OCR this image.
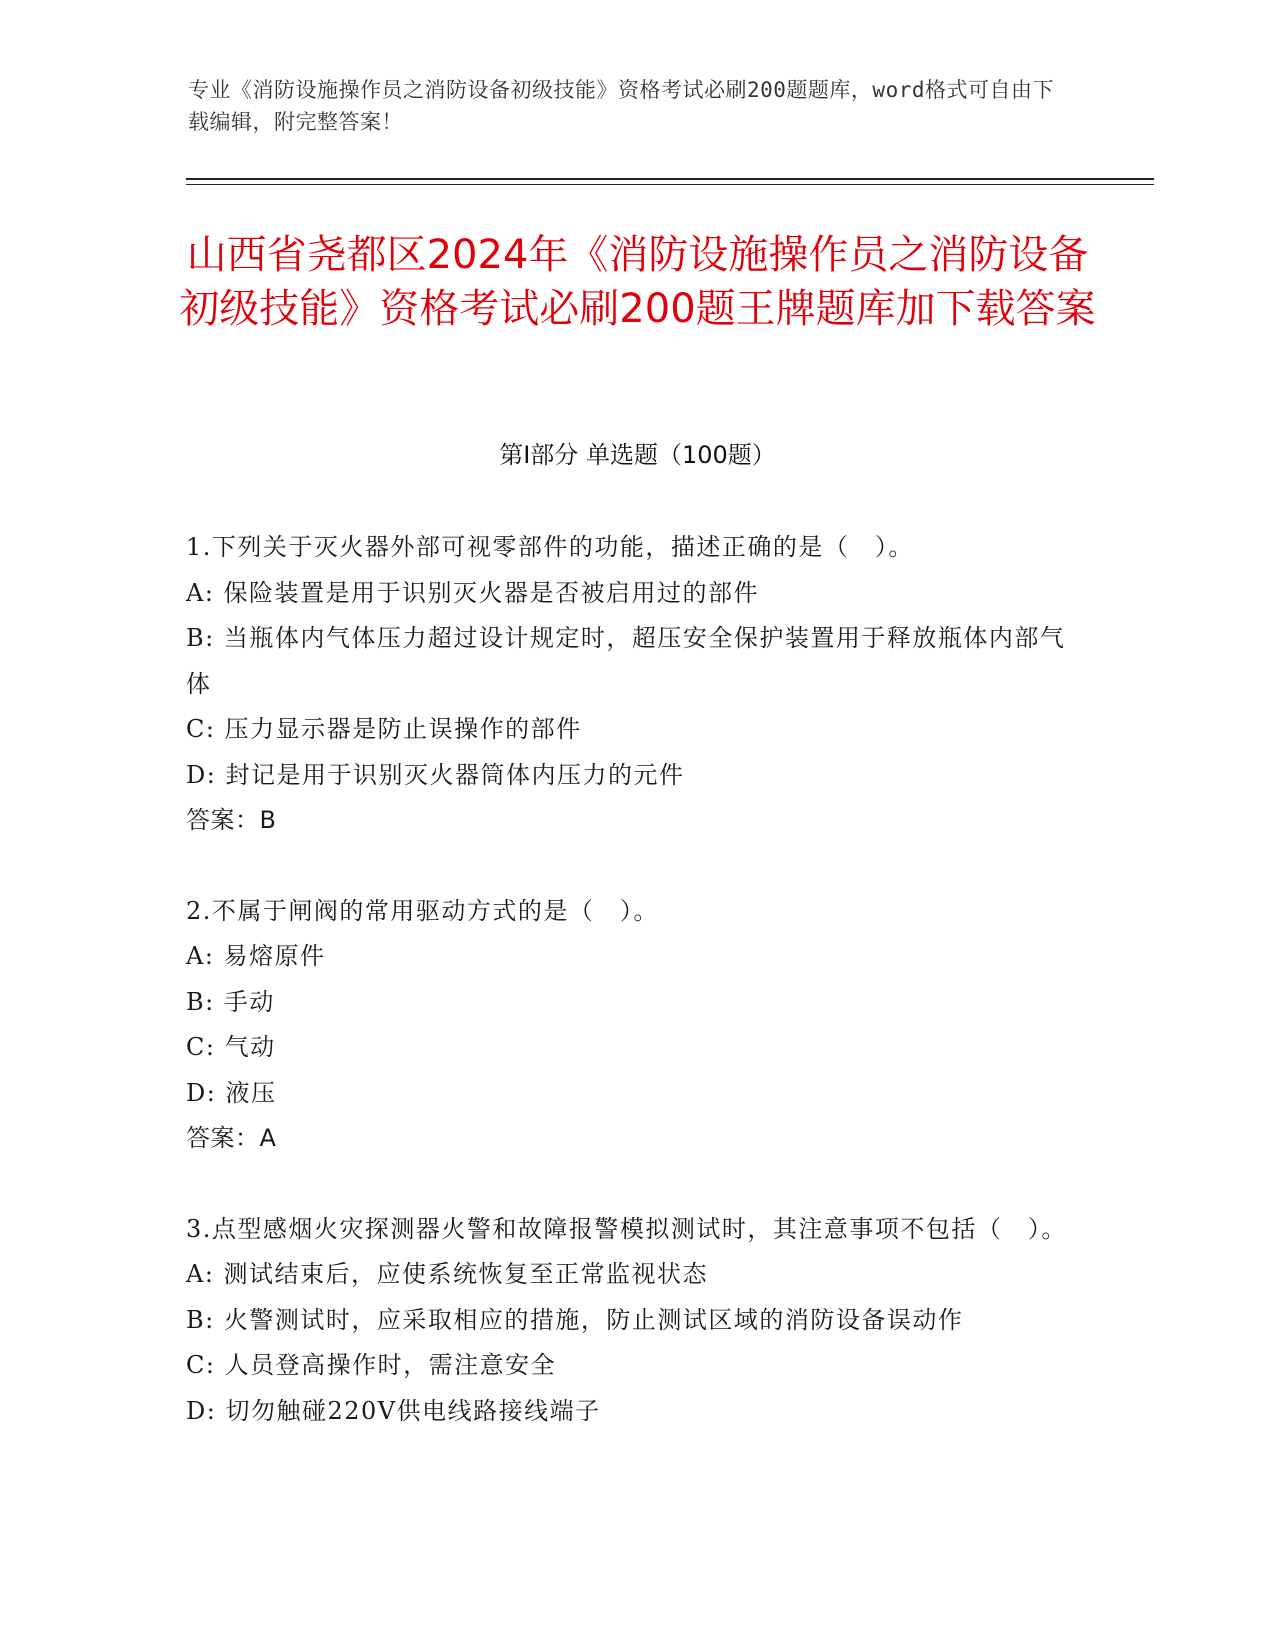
专业《消防设施操作员之消防设备初级技能》资格考试必刷200题题库，word格式可自由下载编辑，附完整答案！
山西省尧都区2024年《消防设施操作员之消防设备初级技能》资格考试必刷200题王牌题库加下载答案
第I部分 单选题（100题）

1.下列关于灭火器外部可视零部件的功能，描述正确的是（　）。

A: 保险装置是用于识别灭火器是否被启用过的部件

B: 当瓶体内气体压力超过设计规定时，超压安全保护装置用于释放瓶体内部气体

C: 压力显示器是防止误操作的部件

D: 封记是用于识别灭火器筒体内压力的元件

答案：B

2.不属于闸阀的常用驱动方式的是（　）。

A: 易熔原件

B: 手动

C: 气动

D: 液压

答案：A

3.点型感烟火灾探测器火警和故障报警模拟测试时，其注意事项不包括（　）。

A: 测试结束后，应使系统恢复至正常监视状态

B: 火警测试时，应采取相应的措施，防止测试区域的消防设备误动作

C: 人员登高操作时，需注意安全

D: 切勿触碰220V供电线路接线端子
